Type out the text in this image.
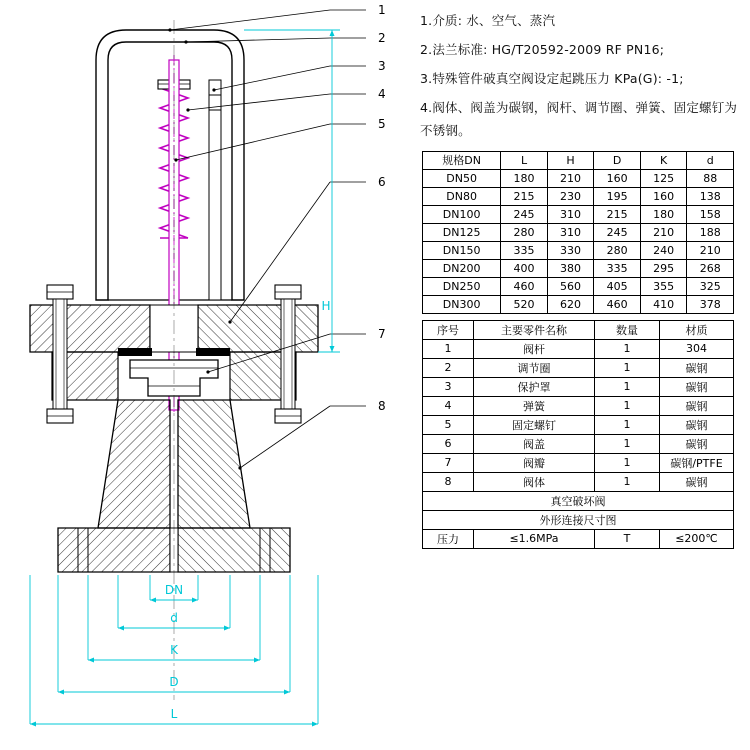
1
2
3
4
5
6
7
8
DN
d
K
D
L
H
1.介质: 水、空气、蒸汽
2.法兰标准: HG/T20592-2009 RF PN16;
3.特殊管件破真空阀设定起跳压力 KPa(G): -1;
4.阀体、阀盖为碳钢，阀杆、调节圈、弹簧、固定螺钉为
不锈钢。
规格DN	L	H	D	K	d
DN50	180	210	160	125	88
DN80	215	230	195	160	138
DN100	245	310	215	180	158
DN125	280	310	245	210	188
DN150	335	330	280	240	210
DN200	400	380	335	295	268
DN250	460	560	405	355	325
DN300	520	620	460	410	378
序号	主要零件名称	数量	材质
1	阀杆	1	304
2	调节圈	1	碳钢
3	保护罩	1	碳钢
4	弹簧	1	碳钢
5	固定螺钉	1	碳钢
6	阀盖	1	碳钢
7	阀瓣	1	碳钢/PTFE
8	阀体	1	碳钢
真空破坏阀			
外形连接尺寸图			
压力	≤1.6MPa	T	≤200℃
